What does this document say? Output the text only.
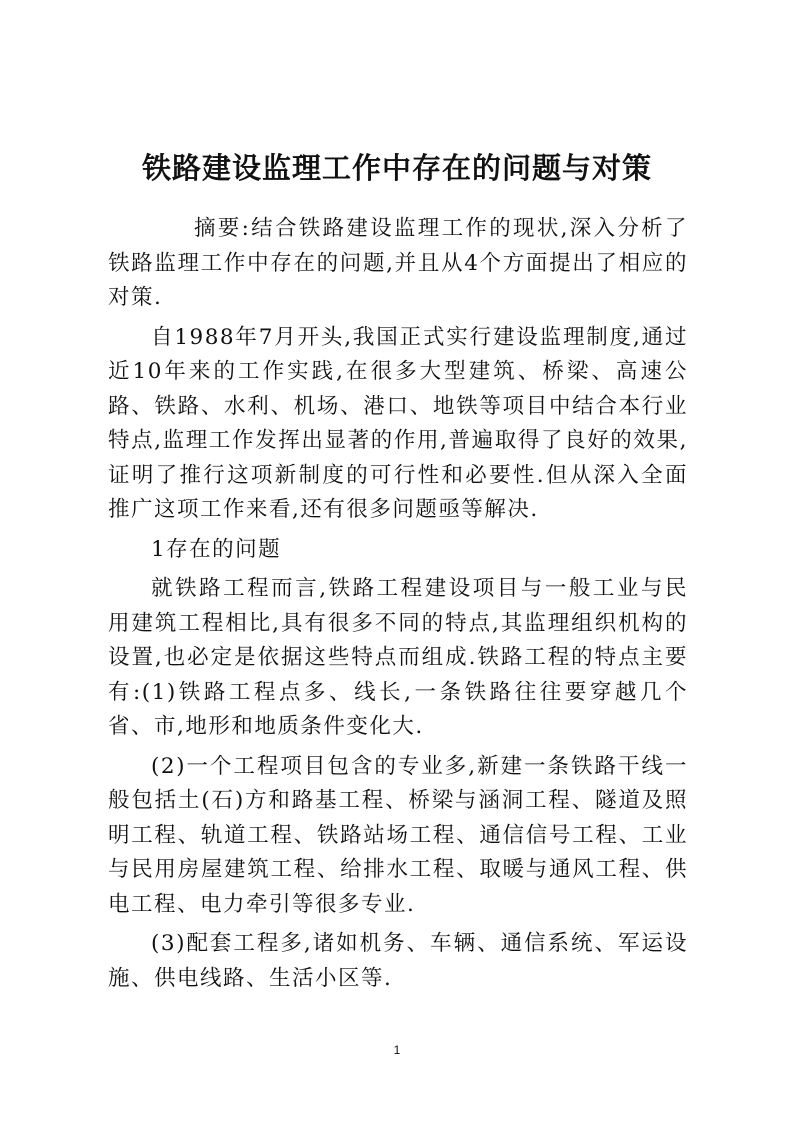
铁路建设监理工作中存在的问题与对策

摘要:结合铁路建设监理工作的现状,深入分析了铁路监理工作中存在的问题,并且从4个方面提出了相应的对策.

自1988年7月开头,我国正式实行建设监理制度,通过近10年来的工作实践,在很多大型建筑、桥梁、高速公路、铁路、水利、机场、港口、地铁等项目中结合本行业特点,监理工作发挥出显著的作用,普遍取得了良好的效果,证明了推行这项新制度的可行性和必要性.但从深入全面推广这项工作来看,还有很多问题亟等解决.

1存在的问题

就铁路工程而言,铁路工程建设项目与一般工业与民用建筑工程相比,具有很多不同的特点,其监理组织机构的设置,也必定是依据这些特点而组成.铁路工程的特点主要有:(1)铁路工程点多、线长,一条铁路往往要穿越几个省、市,地形和地质条件变化大.

(2)一个工程项目包含的专业多,新建一条铁路干线一般包括土(石)方和路基工程、桥梁与涵洞工程、隧道及照明工程、轨道工程、铁路站场工程、通信信号工程、工业与民用房屋建筑工程、给排水工程、取暖与通风工程、供电工程、电力牵引等很多专业.

(3)配套工程多,诸如机务、车辆、通信系统、军运设施、供电线路、生活小区等.

1
